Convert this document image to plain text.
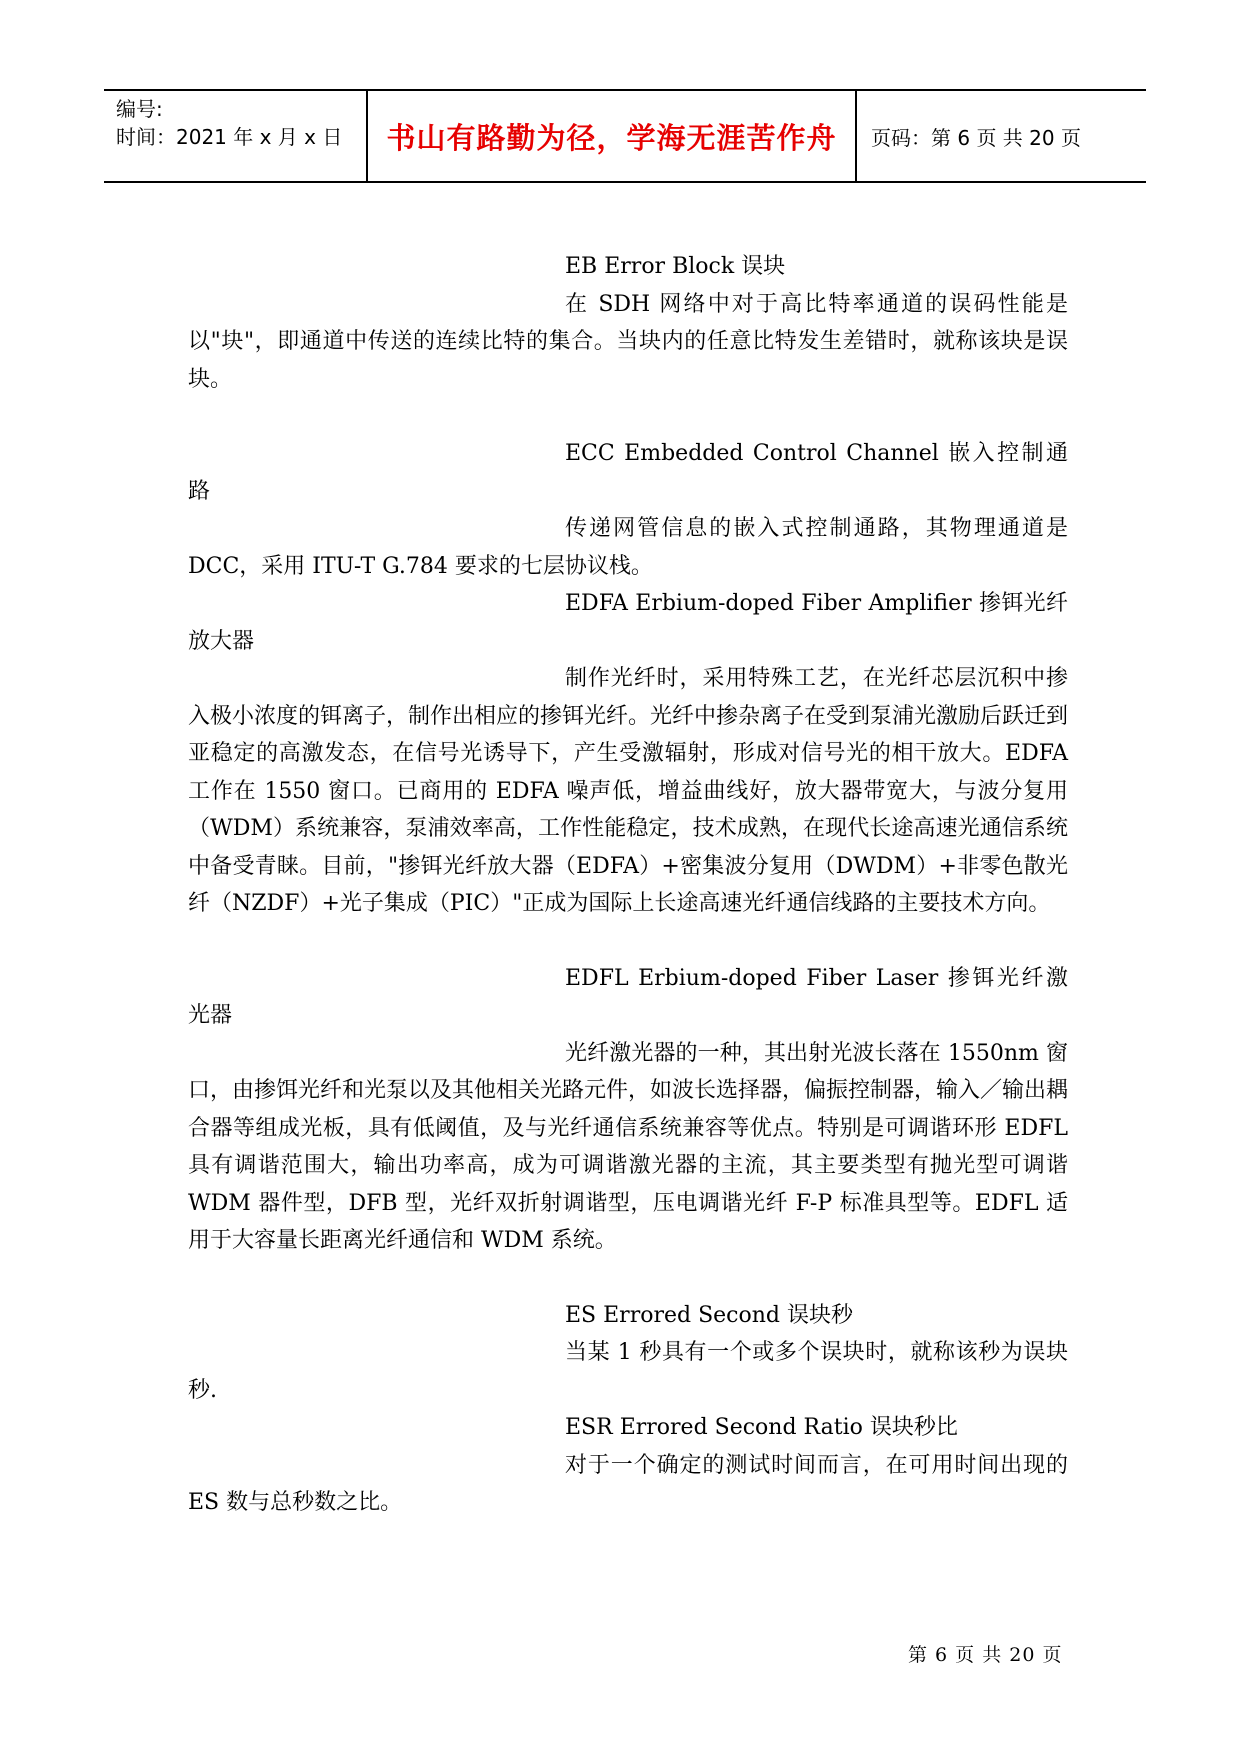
编号:
时间：2021 年 x 月 x 日	书山有路勤为径，学海无涯苦作舟 页码：第 6 页 共 20 页
EB Error Block 误块

在 SDH 网络中对于高比特率通道的误码性能是以"块"，即通道中传送的连续比特的集合。当块内的任意比特发生差错时，就称该块是误块。

ECC Embedded Control Channel 嵌入控制通路

传递网管信息的嵌入式控制通路，其物理通道是 DCC，采用 ITU-T G.784 要求的七层协议栈。

EDFA Erbium-doped Fiber Amplifier 掺铒光纤放大器

制作光纤时，采用特殊工艺，在光纤芯层沉积中掺入极小浓度的铒离子，制作出相应的掺铒光纤。光纤中掺杂离子在受到泵浦光激励后跃迁到亚稳定的高激发态，在信号光诱导下，产生受激辐射，形成对信号光的相干放大。EDFA 工作在 1550 窗口。已商用的 EDFA 噪声低，增益曲线好，放大器带宽大，与波分复用（WDM）系统兼容，泵浦效率高，工作性能稳定，技术成熟，在现代长途高速光通信系统中备受青睐。目前，"掺铒光纤放大器（EDFA）+密集波分复用（DWDM）+非零色散光纤（NZDF）+光子集成（PIC）"正成为国际上长途高速光纤通信线路的主要技术方向。

EDFL Erbium-doped Fiber Laser 掺铒光纤激光器

光纤激光器的一种，其出射光波长落在 1550nm 窗口，由掺饵光纤和光泵以及其他相关光路元件，如波长选择器，偏振控制器，输入／输出耦合器等组成光板，具有低阈值，及与光纤通信系统兼容等优点。特别是可调谐环形 EDFL 具有调谐范围大，输出功率高，成为可调谐激光器的主流，其主要类型有抛光型可调谐 WDM 器件型，DFB 型，光纤双折射调谐型，压电调谐光纤 F-P 标准具型等。EDFL 适用于大容量长距离光纤通信和 WDM 系统。

ES Errored Second 误块秒

当某 1 秒具有一个或多个误块时，就称该秒为误块秒.

ESR Errored Second Ratio 误块秒比

对于一个确定的测试时间而言，在可用时间出现的 ES 数与总秒数之比。

第 6 页 共 20 页
